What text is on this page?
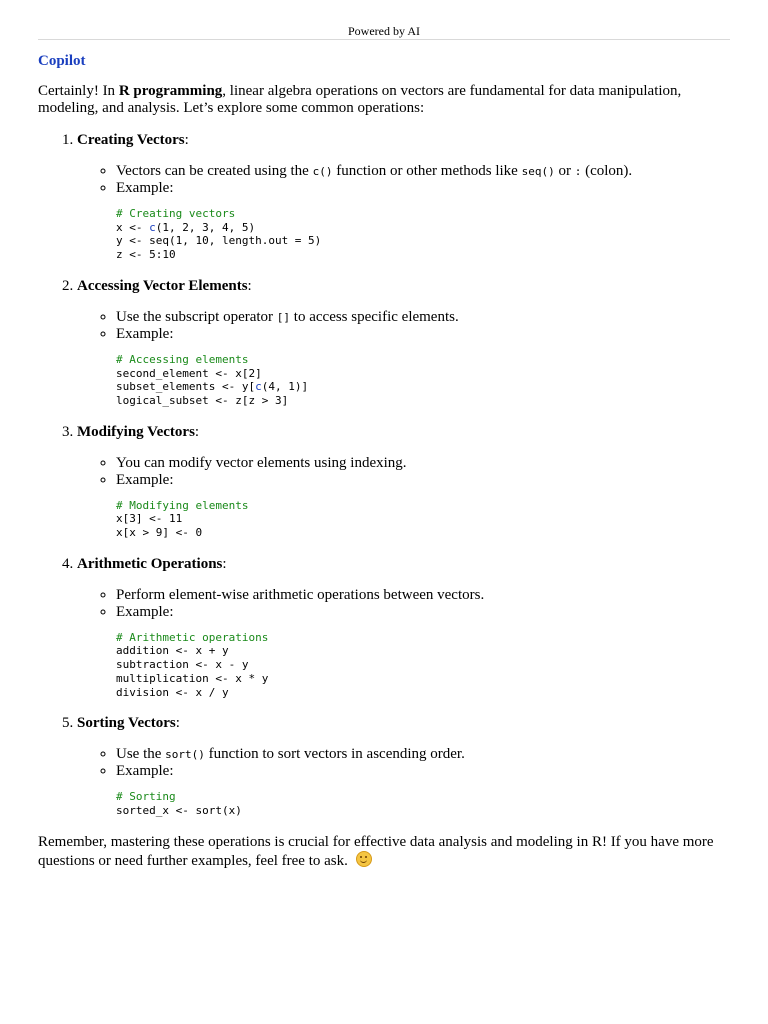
Powered by AI
Copilot

Certainly! In R programming, linear algebra operations on vectors are fundamental for data manipulation, modeling, and analysis. Let’s explore some common operations:

1. Creating Vectors:
◦ Vectors can be created using the c() function or other methods like seq() or : (colon).
◦ Example:
# Creating vectors
x <- c(1, 2, 3, 4, 5)
y <- seq(1, 10, length.out = 5)
z <- 5:10
2. Accessing Vector Elements:
◦ Use the subscript operator [] to access specific elements.
◦ Example:
# Accessing elements
second_element <- x[2]
subset_elements <- y[c(4, 1)]
logical_subset <- z[z > 3]
3. Modifying Vectors:
◦ You can modify vector elements using indexing.
◦ Example:
# Modifying elements
x[3] <- 11
x[x > 9] <- 0
4. Arithmetic Operations:
◦ Perform element-wise arithmetic operations between vectors.
◦ Example:
# Arithmetic operations
addition <- x + y
subtraction <- x - y
multiplication <- x * y
division <- x / y
5. Sorting Vectors:
◦ Use the sort() function to sort vectors in ascending order.
◦ Example:
# Sorting
sorted_x <- sort(x)

Remember, mastering these operations is crucial for effective data analysis and modeling in R! If you have more questions or need further examples, feel free to ask.
